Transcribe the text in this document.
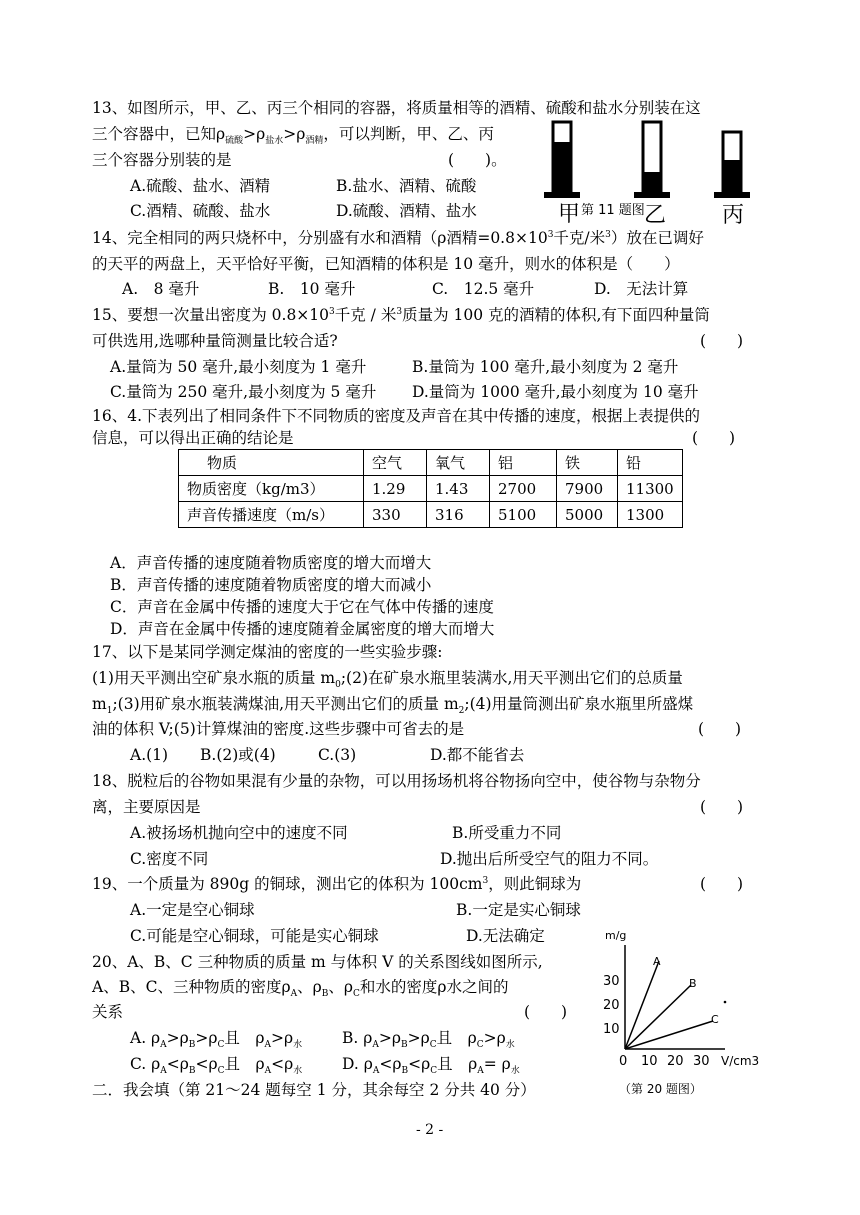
13、如图所示，甲、乙、丙三个相同的容器，将质量相等的酒精、硫酸和盐水分别装在这
三个容器中，已知$\rho_{硫酸}>\rho_{盐水}>\rho_{酒精}$，可以判断，甲、乙、丙
三个容器分别装的是	(　　)。
A.硫酸、盐水、酒精	B.盐水、酒精、硫酸
C.酒精、硫酸、盐水	D.硫酸、酒精、盐水	甲	乙	丙
第 11 题图
14、完全相同的两只烧杯中，分别盛有水和酒精（ρ酒精$=0.8\times 10^3$千克/米$^3$）放在已调好
的天平的两盘上，天平恰好平衡，已知酒精的体积是 10 毫升，则水的体积是（　　）
A.　8 毫升	B.　10 毫升	C.　12.5 毫升	D.　无法计算
15、要想一次量出密度为 $0.8\times 10^3$千克 / 米$^3$质量为 100 克的酒精的体积,有下面四种量筒
可供选用,选哪种量筒测量比较合适?	(　　)
A.量筒为 50 毫升,最小刻度为 1 毫升	B.量筒为 100 毫升,最小刻度为 2 毫升
C.量筒为 250 毫升,最小刻度为 5 毫升 D.量筒为 1000 毫升,最小刻度为 10 毫升
16、4.下表列出了相同条件下不同物质的密度及声音在其中传播的速度，根据上表提供的
信息，可以得出正确的结论是	(　　)
物质	空气	氧气	铝	铁	铅
物质密度（kg/m3）	1.29	1.43	2700	7900	11300
声音传播速度（m/s）	330	316	5100	5000	1300
A．声音传播的速度随着物质密度的增大而增大
B．声音传播的速度随着物质密度的增大而减小
C．声音在金属中传播的速度大于它在气体中传播的速度
D．声音在金属中传播的速度随着金属密度的增大而增大
17、以下是某同学测定煤油的密度的一些实验步骤:
(1)用天平测出空矿泉水瓶的质量 $m_0;(2)$在矿泉水瓶里装满水,用天平测出它们的总质量
$m_1;(3)$用矿泉水瓶装满煤油,用天平测出它们的质量 $m_2;(4)$用量筒测出矿泉水瓶里所盛煤
油的体积 V;(5)计算煤油的密度.这些步骤中可省去的是	(　　)
A.(1) B.(2)或(4)	C.(3)	D.都不能省去
18、脱粒后的谷物如果混有少量的杂物，可以用扬场机将谷物扬向空中，使谷物与杂物分
离，主要原因是	(　　)
A.被扬场机抛向空中的速度不同	B.所受重力不同
C.密度不同	D.抛出后所受空气的阻力不同。
19、一个质量为 890g 的铜球，测出它的体积为 $100cm^3$，则此铜球为	(　　)
A.一定是空心铜球	B.一定是实心铜球
C.可能是空心铜球，可能是实心铜球	D.无法确定
20、A、B、C 三种物质的质量 m 与体积 V 的关系图线如图所示,
A、B、C、三种物质的密度$\rho_A$、$\rho_B$、$\rho_C$和水的密度ρ水之间的
关系	(　　)
A. $\rho_A>\rho_B>\rho_C$且　$\rho_A>\rho_水$	B. $\rho_A>\rho_B>\rho_C$且　$\rho_C>\rho_水$
C. $\rho_A<\rho_B<\rho_C$且　$\rho_A<\rho_水$	D. $\rho_A<\rho_B<\rho_C$且　$\rho_A= \rho_水$
m/g
30
20
10
0 10 20 30 V/cm3
A
B
C
（第 20 题图）
二．我会填（第 21～24 题每空 1 分，其余每空 2 分共 40 分）
- 2 -
